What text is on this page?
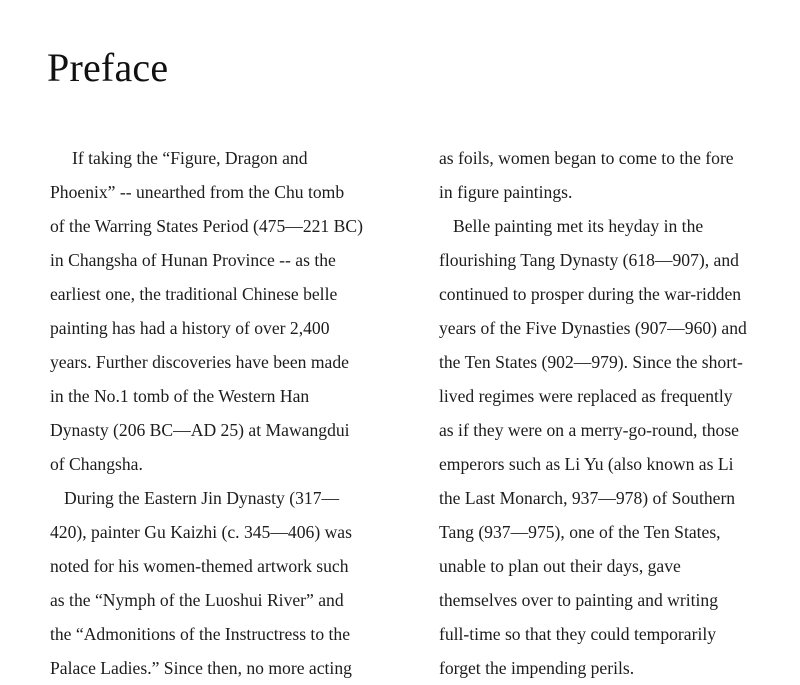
Preface
If taking the “Figure, Dragon and
Phoenix” -- unearthed from the Chu tomb
of the Warring States Period (475—221 BC)
in Changsha of Hunan Province -- as the
earliest one, the traditional Chinese belle
painting has had a history of over 2,400
years. Further discoveries have been made
in the No.1 tomb of the Western Han
Dynasty (206 BC—AD 25) at Mawangdui
of Changsha.
During the Eastern Jin Dynasty (317—
420), painter Gu Kaizhi (c. 345—406) was
noted for his women-themed artwork such
as the “Nymph of the Luoshui River” and
the “Admonitions of the Instructress to the
Palace Ladies.” Since then, no more acting
as foils, women began to come to the fore
in figure paintings.
Belle painting met its heyday in the
flourishing Tang Dynasty (618—907), and
continued to prosper during the war-ridden
years of the Five Dynasties (907—960) and
the Ten States (902—979). Since the short-
lived regimes were replaced as frequently
as if they were on a merry-go-round, those
emperors such as Li Yu (also known as Li
the Last Monarch, 937—978) of Southern
Tang (937—975), one of the Ten States,
unable to plan out their days, gave
themselves over to painting and writing
full-time so that they could temporarily
forget the impending perils.
